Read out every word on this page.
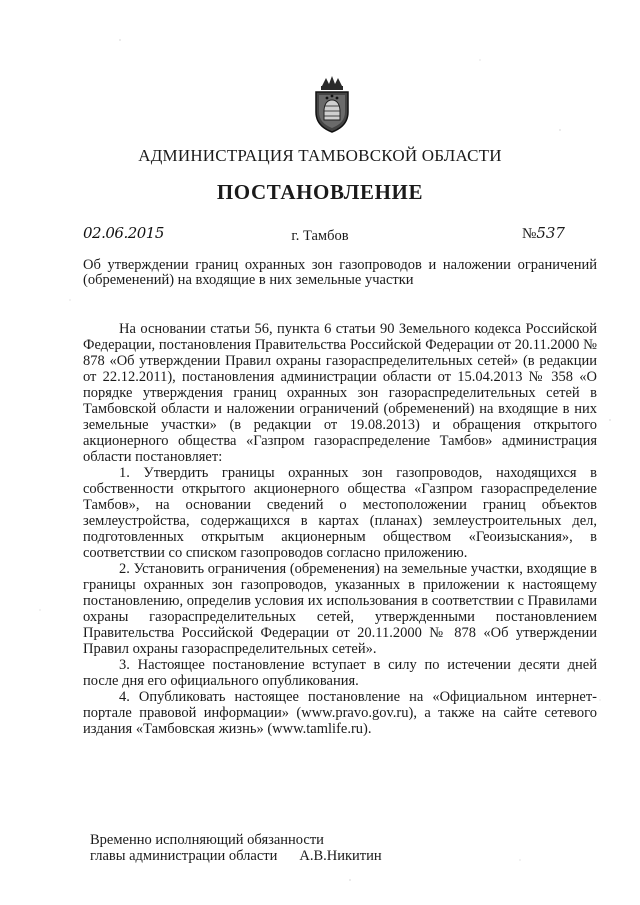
АДМИНИСТРАЦИЯ ТАМБОВСКОЙ ОБЛАСТИ
ПОСТАНОВЛЕНИЕ
02.06.2015	г. Тамбов	№537
Об утверждении границ охранных зон газопроводов и наложении ограничений (обременений) на входящие в них земельные участки

На основании статьи 56, пункта 6 статьи 90 Земельного кодекса Российской Федерации, постановления Правительства Российской Федерации от 20.11.2000 № 878 «Об утверждении Правил охраны газораспределительных сетей» (в редакции от 22.12.2011), постановления администрации области от 15.04.2013 № 358 «О порядке утверждения границ охранных зон газораспределительных сетей в Тамбовской области и наложении ограничений (обременений) на входящие в них земельные участки» (в редакции от 19.08.2013) и обращения открытого акционерного общества «Газпром газораспределение Тамбов» администрация области постановляет:

1. Утвердить границы охранных зон газопроводов, находящихся в собственности открытого акционерного общества «Газпром газораспределение Тамбов», на основании сведений о местоположении границ объектов землеустройства, содержащихся в картах (планах) землеустроительных дел, подготовленных открытым акционерным обществом «Геоизыскания», в соответствии со списком газопроводов согласно приложению.

2. Установить ограничения (обременения) на земельные участки, входящие в границы охранных зон газопроводов, указанных в приложении к настоящему постановлению, определив условия их использования в соответствии с Правилами охраны газораспределительных сетей, утвержденными постановлением Правительства Российской Федерации от 20.11.2000 № 878 «Об утверждении Правил охраны газораспределительных сетей».

3. Настоящее постановление вступает в силу по истечении десяти дней после дня его официального опубликования.

4. Опубликовать настоящее постановление на «Официальном интернет-портале правовой информации» (www.pravo.gov.ru), а также на сайте сетевого издания «Тамбовская жизнь» (www.tamlife.ru).

Временно исполняющий обязанности
главы администрации области А.В.Никитин
